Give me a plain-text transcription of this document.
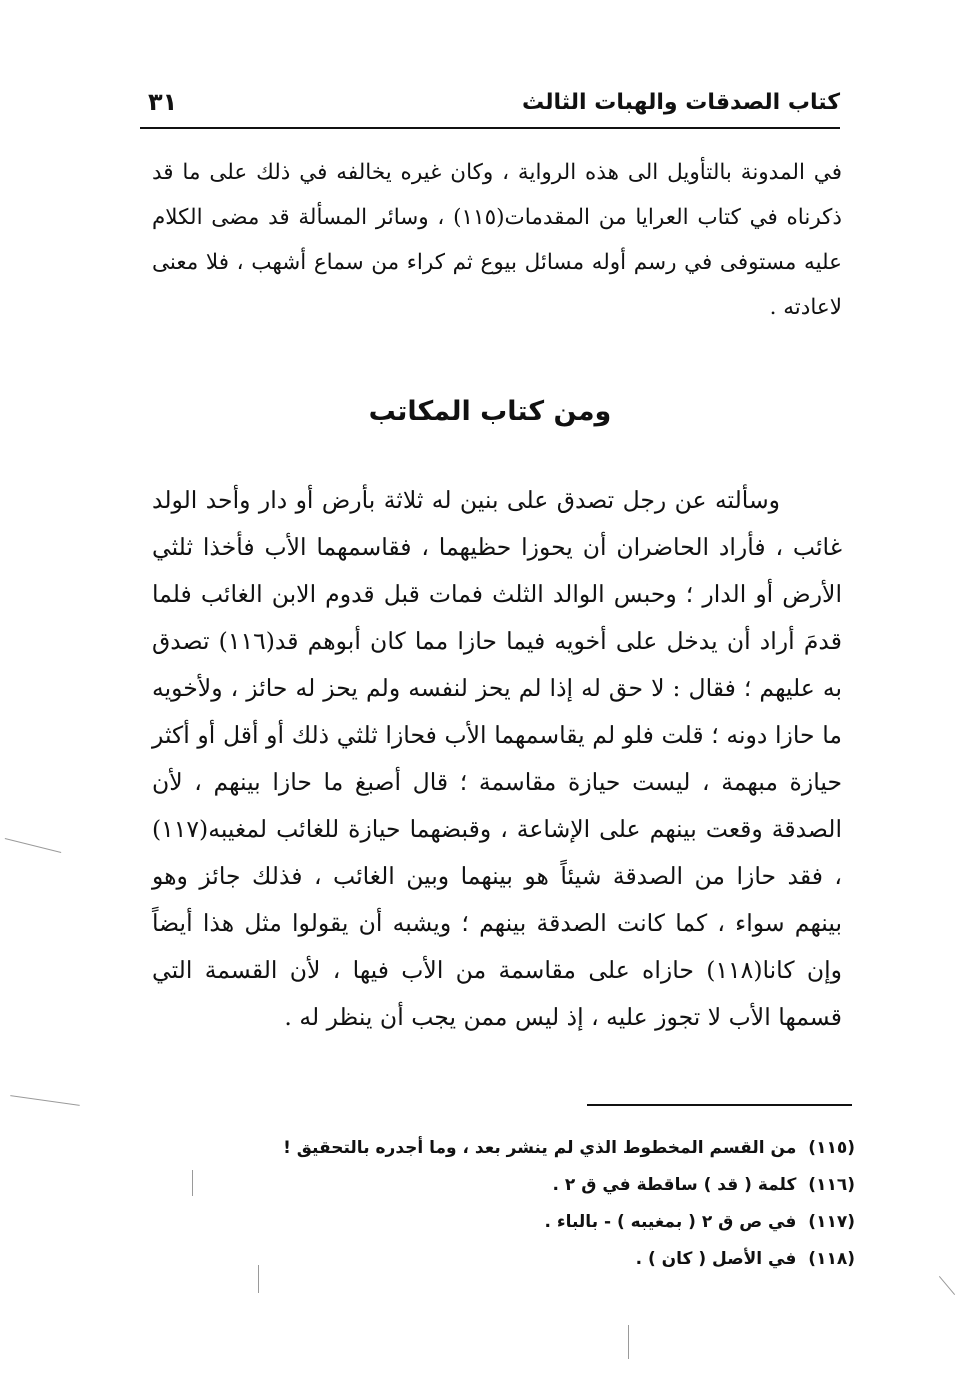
كتاب الصدقات والهبات الثالث
٣١

في المدونة بالتأويل الى هذه الرواية ، وكان غيره يخالفه في ذلك على ما قد ذكرناه في كتاب العرايا من المقدمات(١١٥) ، وسائر المسألة قد مضى الكلام عليه مستوفى في رسم أوله مسائل بيوع ثم كراء من سماع أشهب ، فلا معنى لاعادته .

ومن كتاب المكاتب

وسألته عن رجل تصدق على بنين له ثلاثة بأرض أو دار وأحد الولد غائب ، فأراد الحاضران أن يحوزا حظيهما ، فقاسمهما الأب فأخذا ثلثي الأرض أو الدار ؛ وحبس الوالد الثلث فمات قبل قدوم الابن الغائب فلما قدمَ أراد أن يدخل على أخويه فيما حازا مما كان أبوهم قد(١١٦) تصدق به عليهم ؛ فقال : لا حق له إذا لم يحز لنفسه ولم يحز له حائز ، ولأخويه ما حازا دونه ؛ قلت فلو لم يقاسمهما الأب فحازا ثلثي ذلك أو أقل أو أكثر حيازة مبهمة ، ليست حيازة مقاسمة ؛ قال أصبغ ما حازا بينهم ، لأن الصدقة وقعت بينهم على الإشاعة ، وقبضهما حيازة للغائب لمغيبه(١١٧) ، فقد حازا من الصدقة شيئاً هو بينهما وبين الغائب ، فذلك جائز وهو بينهم سواء ، كما كانت الصدقة بينهم ؛ ويشبه أن يقولوا مثل هذا أيضاً وإن كانا(١١٨) حازاه على مقاسمة من الأب فيها ، لأن القسمة التي قسمها الأب لا تجوز عليه ، إذ ليس ممن يجب أن ينظر له .

(١١٥) من القسم المخطوط الذي لم ينشر بعد ، وما أجدره بالتحقيق !
(١١٦) كلمة ( قد ) ساقطة في ق ٢ .
(١١٧) في ص ق ٢ ( بمغيبه ) - بالباء .
(١١٨) في الأصل ( كان ) .
